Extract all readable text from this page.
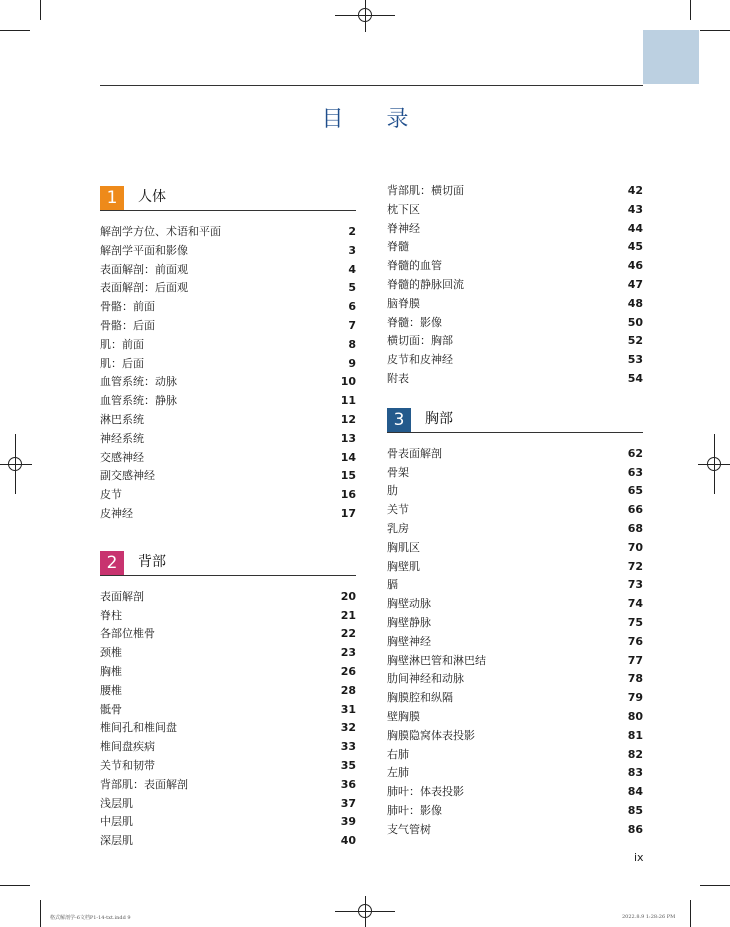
目 录
1	人体
解剖学方位、术语和平面	2
解剖学平面和影像	3
表面解剖：前面观	4
表面解剖：后面观	5
骨骼：前面	6
骨骼：后面	7
肌：前面	8
肌：后面	9
血管系统：动脉	10
血管系统：静脉	11
淋巴系统	12
神经系统	13
交感神经	14
副交感神经	15
皮节	16
皮神经	17
2	背部
表面解剖	20
脊柱	21
各部位椎骨	22
颈椎	23
胸椎	26
腰椎	28
骶骨	31
椎间孔和椎间盘	32
椎间盘疾病	33
关节和韧带	35
背部肌：表面解剖	36
浅层肌	37
中层肌	39
深层肌	40
背部肌：横切面	42
枕下区	43
脊神经	44
脊髓	45
脊髓的血管	46
脊髓的静脉回流	47
脑脊膜	48
脊髓：影像	50
横切面：胸部	52
皮节和皮神经	53
附表	54
3	胸部
骨表面解剖	62
骨架	63
肋	65
关节	66
乳房	68
胸肌区	70
胸壁肌	72
膈	73
胸壁动脉	74
胸壁静脉	75
胸壁神经	76
胸壁淋巴管和淋巴结	77
肋间神经和动脉	78
胸膜腔和纵隔	79
壁胸膜	80
胸膜隐窝体表投影	81
右肺	82
左肺	83
肺叶：体表投影	84
肺叶：影像	85
支气管树	86
ix
格式解剖学-6文档P1-14-txt.indd 9	2022.8.9 1:28:26 PM
